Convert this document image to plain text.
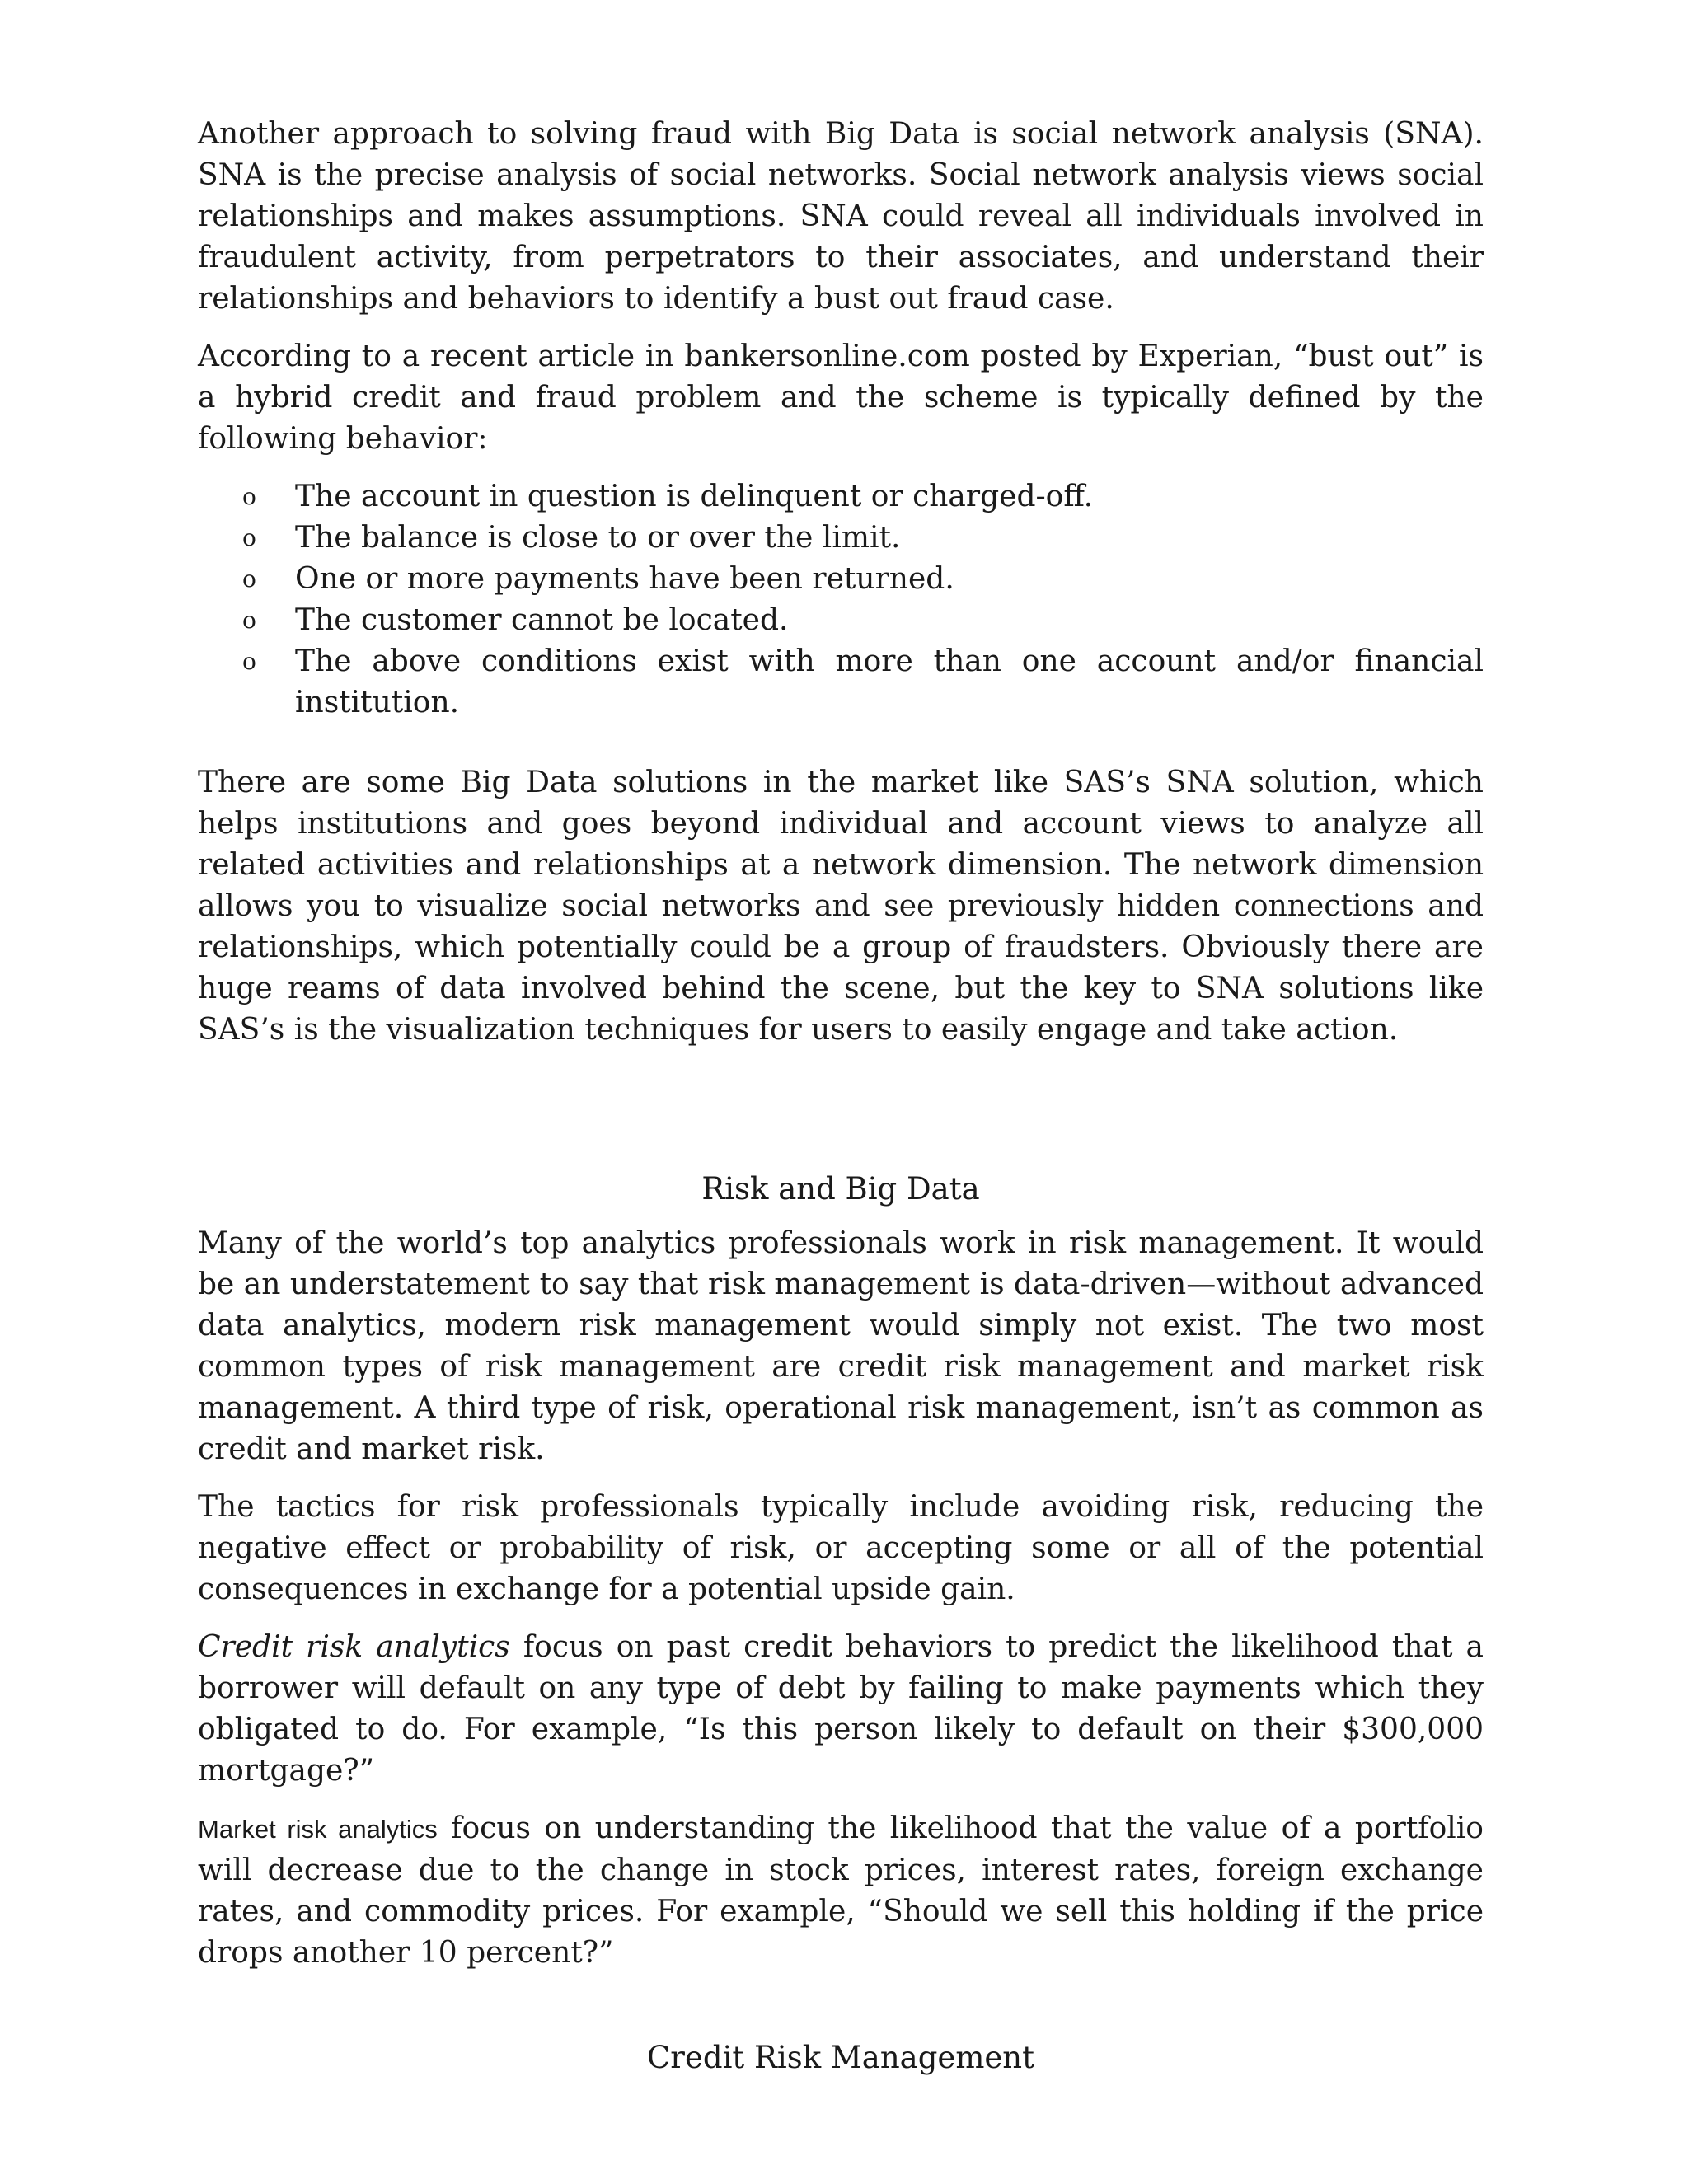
Another approach to solving fraud with Big Data is social network analysis (SNA). SNA is the precise analysis of social networks. Social network analysis views social relationships and makes assumptions. SNA could reveal all individuals involved in fraudulent activity, from perpetrators to their associates, and understand their relationships and behaviors to identify a bust out fraud case.

According to a recent article in bankersonline.com posted by Experian, “bust out” is a hybrid credit and fraud problem and the scheme is typically defined by the following behavior:

o The account in question is delinquent or charged-off.
o The balance is close to or over the limit.
o One or more payments have been returned.
o The customer cannot be located.
o The above conditions exist with more than one account and/or financial institution.

There are some Big Data solutions in the market like SAS’s SNA solution, which helps institutions and goes beyond individual and account views to analyze all related activities and relationships at a network dimension. The network dimension allows you to visualize social networks and see previously hidden connections and relationships, which potentially could be a group of fraudsters. Obviously there are huge reams of data involved behind the scene, but the key to SNA solutions like SAS’s is the visualization techniques for users to easily engage and take action.

Risk and Big Data

Many of the world’s top analytics professionals work in risk management. It would be an understatement to say that risk management is data-driven—without advanced data analytics, modern risk management would simply not exist. The two most common types of risk management are credit risk management and market risk management. A third type of risk, operational risk management, isn’t as common as credit and market risk.

The tactics for risk professionals typically include avoiding risk, reducing the negative effect or probability of risk, or accepting some or all of the potential consequences in exchange for a potential upside gain.

Credit risk analytics focus on past credit behaviors to predict the likelihood that a borrower will default on any type of debt by failing to make payments which they obligated to do. For example, “Is this person likely to default on their $300,000 mortgage?”

Market risk analytics focus on understanding the likelihood that the value of a portfolio will decrease due to the change in stock prices, interest rates, foreign exchange rates, and commodity prices. For example, “Should we sell this holding if the price drops another 10 percent?”

Credit Risk Management
